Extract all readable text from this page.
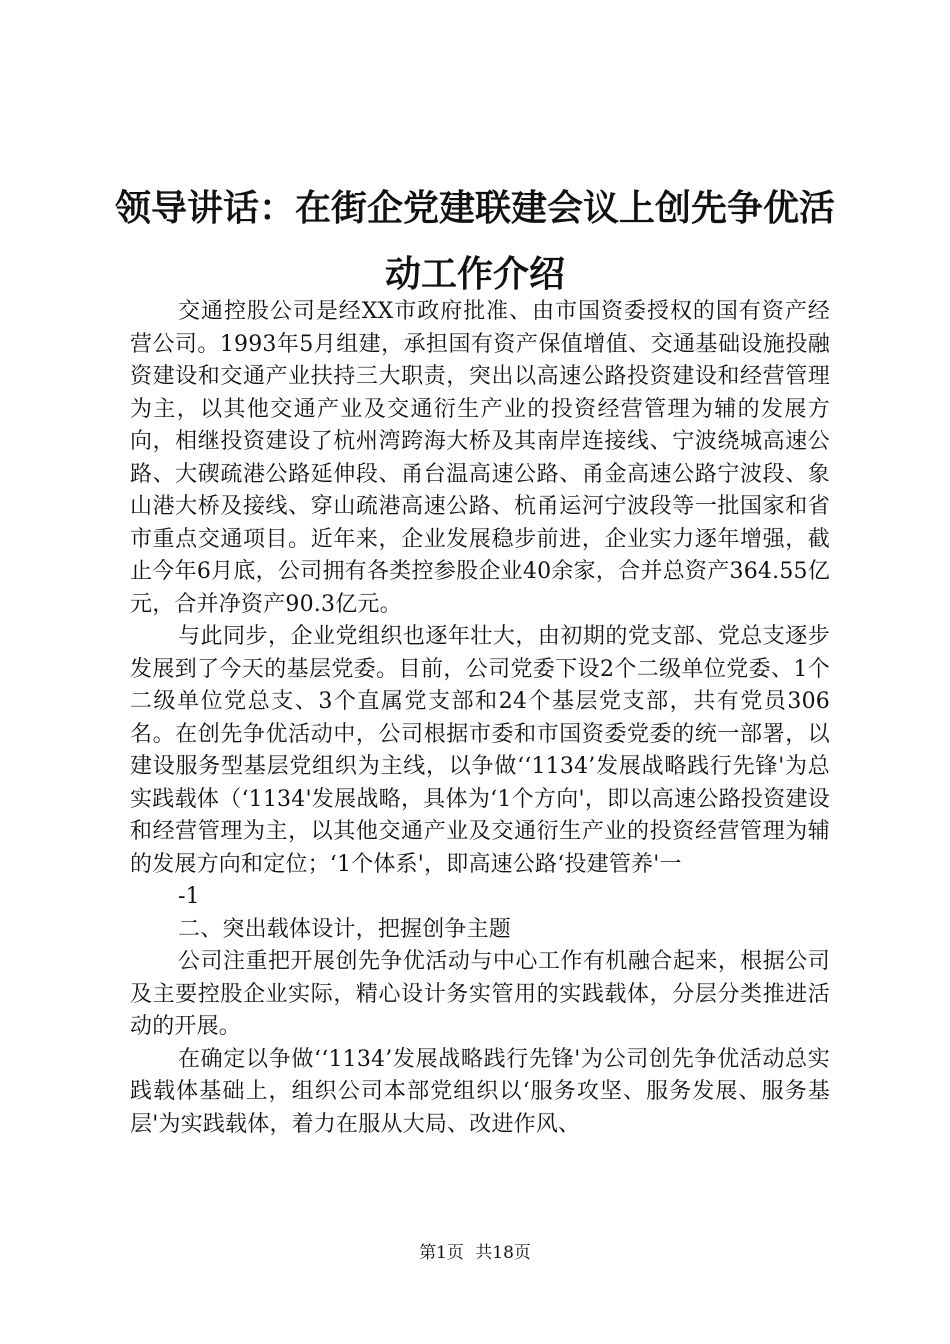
领导讲话：在街企党建联建会议上创先争优活
动工作介绍

交通控股公司是经XX市政府批准、由市国资委授权的国有资产经营公司。1993年5月组建，承担国有资产保值增值、交通基础设施投融资建设和交通产业扶持三大职责，突出以高速公路投资建设和经营管理为主，以其他交通产业及交通衍生产业的投资经营管理为辅的发展方向，相继投资建设了杭州湾跨海大桥及其南岸连接线、宁波绕城高速公路、大碶疏港公路延伸段、甬台温高速公路、甬金高速公路宁波段、象山港大桥及接线、穿山疏港高速公路、杭甬运河宁波段等一批国家和省市重点交通项目。近年来，企业发展稳步前进，企业实力逐年增强，截止今年6月底，公司拥有各类控参股企业40余家，合并总资产364.55亿元，合并净资产90.3亿元。

与此同步，企业党组织也逐年壮大，由初期的党支部、党总支逐步发展到了今天的基层党委。目前，公司党委下设2个二级单位党委、1个二级单位党总支、3个直属党支部和24个基层党支部，共有党员306名。在创先争优活动中，公司根据市委和市国资委党委的统一部署，以建设服务型基层党组织为主线，以争做‘‘1134’发展战略践行先锋'为总实践载体（‘1134'发展战略，具体为‘1个方向'，即以高速公路投资建设和经营管理为主，以其他交通产业及交通衍生产业的投资经营管理为辅的发展方向和定位；‘1个体系'，即高速公路‘投建管养'一

-1

二、突出载体设计，把握创争主题

公司注重把开展创先争优活动与中心工作有机融合起来，根据公司及主要控股企业实际，精心设计务实管用的实践载体，分层分类推进活动的开展。

在确定以争做‘‘1134’发展战略践行先锋'为公司创先争优活动总实践载体基础上，组织公司本部党组织以‘服务攻坚、服务发展、服务基层'为实践载体，着力在服从大局、改进作风、

第1页 共18页
